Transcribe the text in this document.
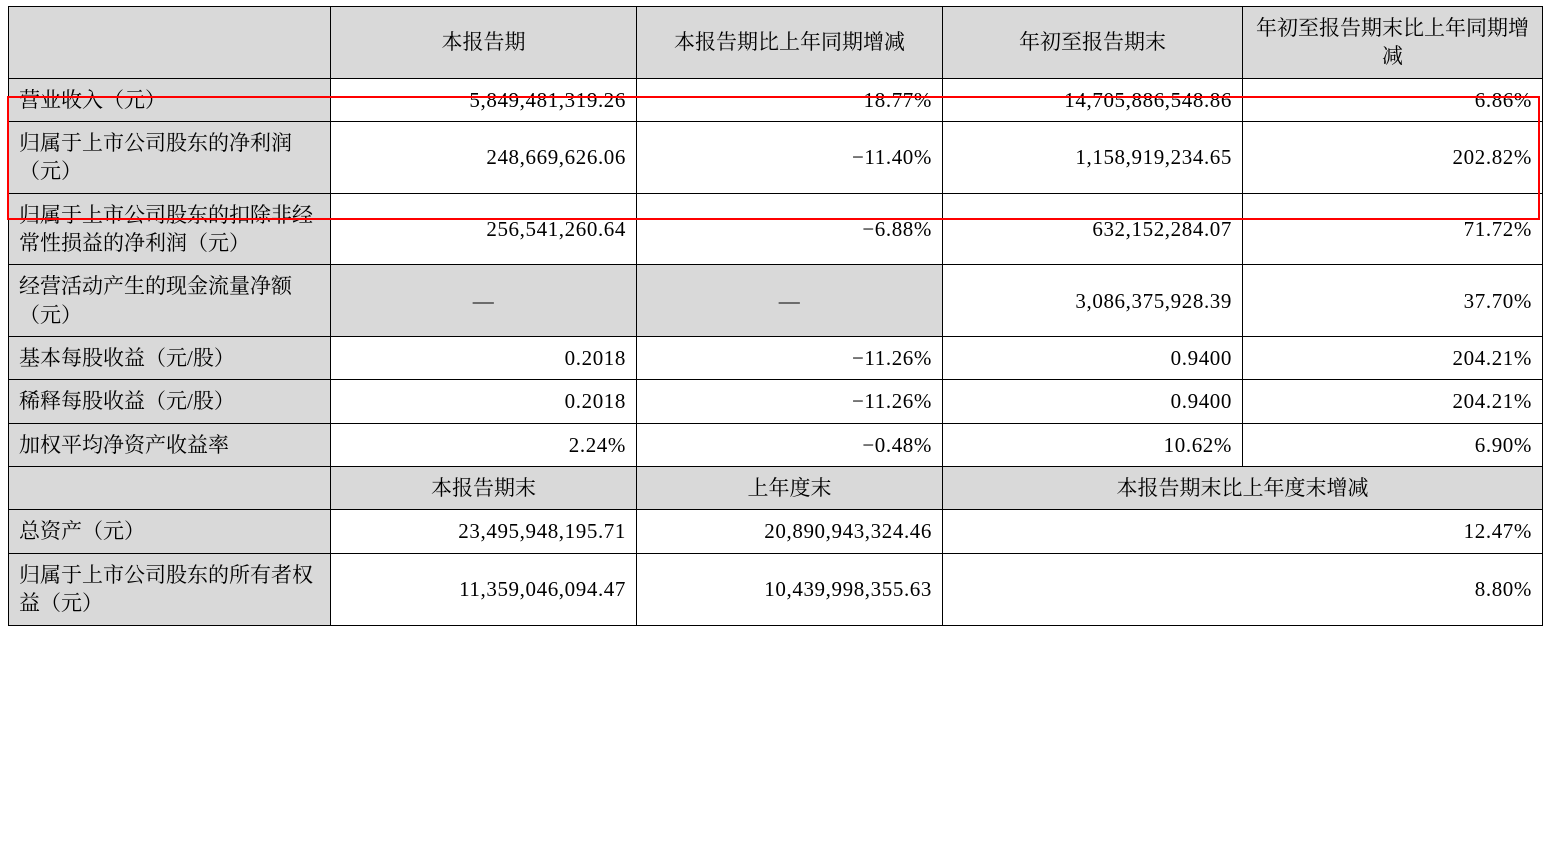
	本报告期	本报告期比上年同期增减	年初至报告期末	年初至报告期末比上年同期增减
营业收入（元）	5,849,481,319.26	18.77%	14,705,886,548.86	6.86%
归属于上市公司股东的净利润（元）	248,669,626.06	−11.40%	1,158,919,234.65	202.82%
归属于上市公司股东的扣除非经常性损益的净利润（元）	256,541,260.64	−6.88%	632,152,284.07	71.72%
经营活动产生的现金流量净额（元）	—	—	3,086,375,928.39	37.70%
基本每股收益（元/股）	0.2018	−11.26%	0.9400	204.21%
稀释每股收益（元/股）	0.2018	−11.26%	0.9400	204.21%
加权平均净资产收益率	2.24%	−0.48%	10.62%	6.90%
	本报告期末	上年度末	本报告期末比上年度末增减	
总资产（元）	23,495,948,195.71	20,890,943,324.46	12.47%	
归属于上市公司股东的所有者权益（元）	11,359,046,094.47	10,439,998,355.63	8.80%	
